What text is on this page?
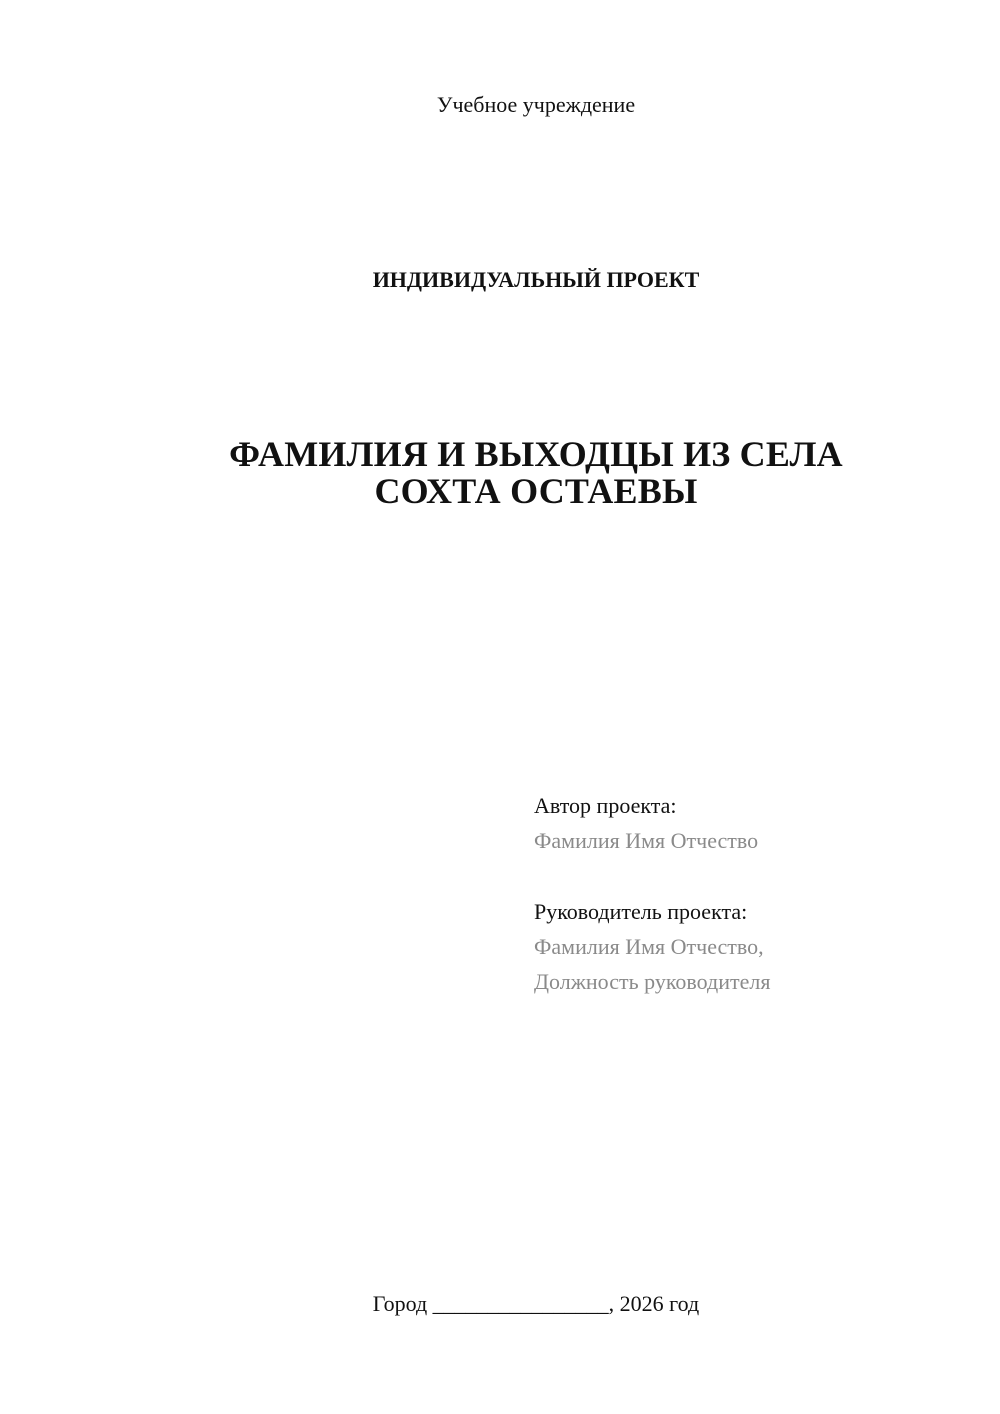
Учебное учреждение
ИНДИВИДУАЛЬНЫЙ ПРОЕКТ
ФАМИЛИЯ И ВЫХОДЦЫ ИЗ СЕЛА
СОХТА ОСТАЕВЫ
Автор проекта:
Фамилия Имя Отчество
Руководитель проекта:
Фамилия Имя Отчество,
Должность руководителя
Город ________________, 2026 год
